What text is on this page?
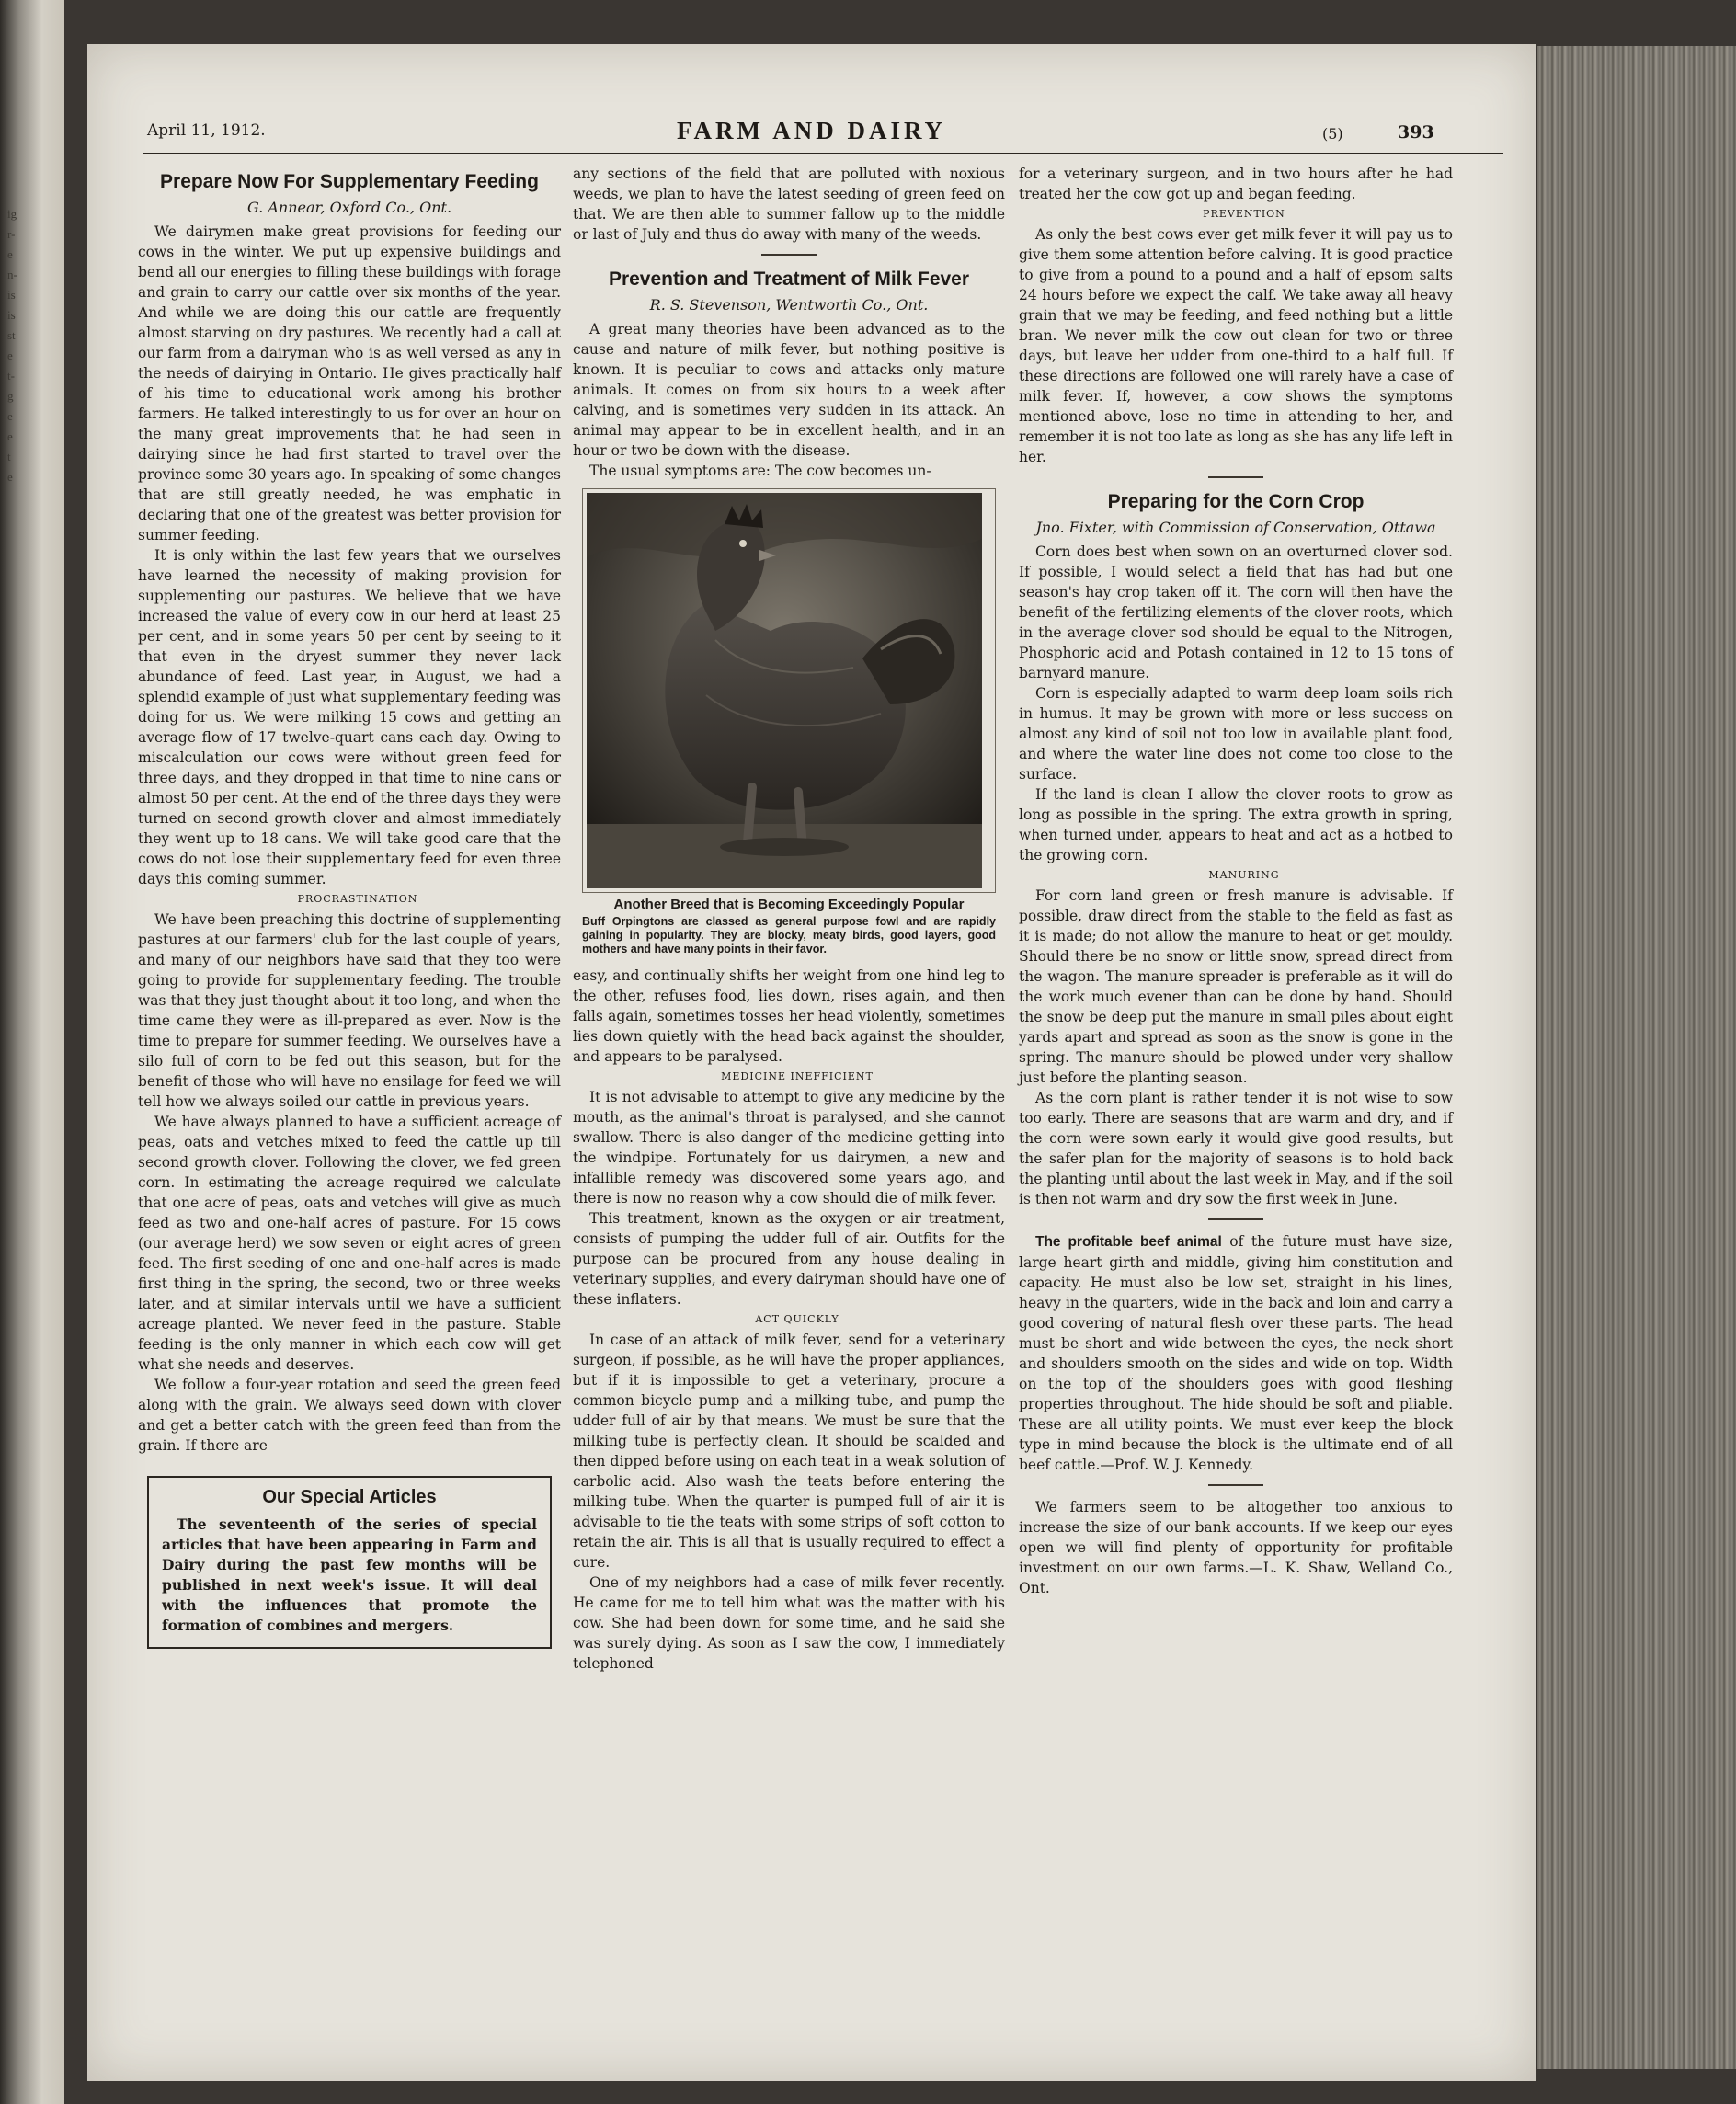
ig
r-
e
n-
is
is
st
e
t-
g
e
e
t
e
April 11, 1912.	FARM AND DAIRY	(5)	393
Prepare Now For Supplementary Feeding
G. Annear, Oxford Co., Ont.

We dairymen make great provisions for feeding our cows in the winter. We put up expensive buildings and bend all our energies to filling these buildings with forage and grain to carry our cattle over six months of the year. And while we are doing this our cattle are frequently almost starving on dry pastures. We recently had a call at our farm from a dairyman who is as well versed as any in the needs of dairying in Ontario. He gives practically half of his time to educational work among his brother farmers. He talked interestingly to us for over an hour on the many great improvements that he had seen in dairying since he had first started to travel over the province some 30 years ago. In speaking of some changes that are still greatly needed, he was emphatic in declaring that one of the greatest was better provision for summer feeding.

It is only within the last few years that we ourselves have learned the necessity of making provision for supplementing our pastures. We believe that we have increased the value of every cow in our herd at least 25 per cent, and in some years 50 per cent by seeing to it that even in the dryest summer they never lack abundance of feed. Last year, in August, we had a splendid example of just what supplementary feeding was doing for us. We were milking 15 cows and getting an average flow of 17 twelve-quart cans each day. Owing to miscalculation our cows were without green feed for three days, and they dropped in that time to nine cans or almost 50 per cent. At the end of the three days they were turned on second growth clover and almost immediately they went up to 18 cans. We will take good care that the cows do not lose their supplementary feed for even three days this coming summer.

PROCRASTINATION

We have been preaching this doctrine of supplementing pastures at our farmers' club for the last couple of years, and many of our neighbors have said that they too were going to provide for supplementary feeding. The trouble was that they just thought about it too long, and when the time came they were as ill-prepared as ever. Now is the time to prepare for summer feeding. We ourselves have a silo full of corn to be fed out this season, but for the benefit of those who will have no ensilage for feed we will tell how we always soiled our cattle in previous years.

We have always planned to have a sufficient acreage of peas, oats and vetches mixed to feed the cattle up till second growth clover. Following the clover, we fed green corn. In estimating the acreage required we calculate that one acre of peas, oats and vetches will give as much feed as two and one-half acres of pasture. For 15 cows (our average herd) we sow seven or eight acres of green feed. The first seeding of one and one-half acres is made first thing in the spring, the second, two or three weeks later, and at similar intervals until we have a sufficient acreage planted. We never feed in the pasture. Stable feeding is the only manner in which each cow will get what she needs and deserves.

We follow a four-year rotation and seed the green feed along with the grain. We always seed down with clover and get a better catch with the green feed than from the grain. If there are

Our Special Articles

The seventeenth of the series of special articles that have been appearing in Farm and Dairy during the past few months will be published in next week's issue. It will deal with the influences that promote the formation of combines and mergers.

any sections of the field that are polluted with noxious weeds, we plan to have the latest seeding of green feed on that. We are then able to summer fallow up to the middle or last of July and thus do away with many of the weeds.

Prevention and Treatment of Milk Fever
R. S. Stevenson, Wentworth Co., Ont.

A great many theories have been advanced as to the cause and nature of milk fever, but nothing positive is known. It is peculiar to cows and attacks only mature animals. It comes on from six hours to a week after calving, and is sometimes very sudden in its attack. An animal may appear to be in excellent health, and in an hour or two be down with the disease.

The usual symptoms are: The cow becomes un-

Another Breed that is Becoming Exceedingly Popular
Buff Orpingtons are classed as general purpose fowl and are rapidly gaining in popularity. They are blocky, meaty birds, good layers, good mothers and have many points in their favor.

easy, and continually shifts her weight from one hind leg to the other, refuses food, lies down, rises again, and then falls again, sometimes tosses her head violently, sometimes lies down quietly with the head back against the shoulder, and appears to be paralysed.

MEDICINE INEFFICIENT

It is not advisable to attempt to give any medicine by the mouth, as the animal's throat is paralysed, and she cannot swallow. There is also danger of the medicine getting into the windpipe. Fortunately for us dairymen, a new and infallible remedy was discovered some years ago, and there is now no reason why a cow should die of milk fever.

This treatment, known as the oxygen or air treatment, consists of pumping the udder full of air. Outfits for the purpose can be procured from any house dealing in veterinary supplies, and every dairyman should have one of these inflaters.

ACT QUICKLY

In case of an attack of milk fever, send for a veterinary surgeon, if possible, as he will have the proper appliances, but if it is impossible to get a veterinary, procure a common bicycle pump and a milking tube, and pump the udder full of air by that means. We must be sure that the milking tube is perfectly clean. It should be scalded and then dipped before using on each teat in a weak solution of carbolic acid. Also wash the teats before entering the milking tube. When the quarter is pumped full of air it is advisable to tie the teats with some strips of soft cotton to retain the air. This is all that is usually required to effect a cure.

One of my neighbors had a case of milk fever recently. He came for me to tell him what was the matter with his cow. She had been down for some time, and he said she was surely dying. As soon as I saw the cow, I immediately telephoned

for a veterinary surgeon, and in two hours after he had treated her the cow got up and began feeding.

PREVENTION

As only the best cows ever get milk fever it will pay us to give them some attention before calving. It is good practice to give from a pound to a pound and a half of epsom salts 24 hours before we expect the calf. We take away all heavy grain that we may be feeding, and feed nothing but a little bran. We never milk the cow out clean for two or three days, but leave her udder from one-third to a half full. If these directions are followed one will rarely have a case of milk fever. If, however, a cow shows the symptoms mentioned above, lose no time in attending to her, and remember it is not too late as long as she has any life left in her.

Preparing for the Corn Crop
Jno. Fixter, with Commission of Conservation, Ottawa

Corn does best when sown on an overturned clover sod. If possible, I would select a field that has had but one season's hay crop taken off it. The corn will then have the benefit of the fertilizing elements of the clover roots, which in the average clover sod should be equal to the Nitrogen, Phosphoric acid and Potash contained in 12 to 15 tons of barnyard manure.

Corn is especially adapted to warm deep loam soils rich in humus. It may be grown with more or less success on almost any kind of soil not too low in available plant food, and where the water line does not come too close to the surface.

If the land is clean I allow the clover roots to grow as long as possible in the spring. The extra growth in spring, when turned under, appears to heat and act as a hotbed to the growing corn.

MANURING

For corn land green or fresh manure is advisable. If possible, draw direct from the stable to the field as fast as it is made; do not allow the manure to heat or get mouldy. Should there be no snow or little snow, spread direct from the wagon. The manure spreader is preferable as it will do the work much evener than can be done by hand. Should the snow be deep put the manure in small piles about eight yards apart and spread as soon as the snow is gone in the spring. The manure should be plowed under very shallow just before the planting season.

As the corn plant is rather tender it is not wise to sow too early. There are seasons that are warm and dry, and if the corn were sown early it would give good results, but the safer plan for the majority of seasons is to hold back the planting until about the last week in May, and if the soil is then not warm and dry sow the first week in June.

The profitable beef animal of the future must have size, large heart girth and middle, giving him constitution and capacity. He must also be low set, straight in his lines, heavy in the quarters, wide in the back and loin and carry a good covering of natural flesh over these parts. The head must be short and wide between the eyes, the neck short and shoulders smooth on the sides and wide on top. Width on the top of the shoulders goes with good fleshing properties throughout. The hide should be soft and pliable. These are all utility points. We must ever keep the block type in mind because the block is the ultimate end of all beef cattle.—Prof. W. J. Kennedy.

We farmers seem to be altogether too anxious to increase the size of our bank accounts. If we keep our eyes open we will find plenty of opportunity for profitable investment on our own farms.—L. K. Shaw, Welland Co., Ont.
